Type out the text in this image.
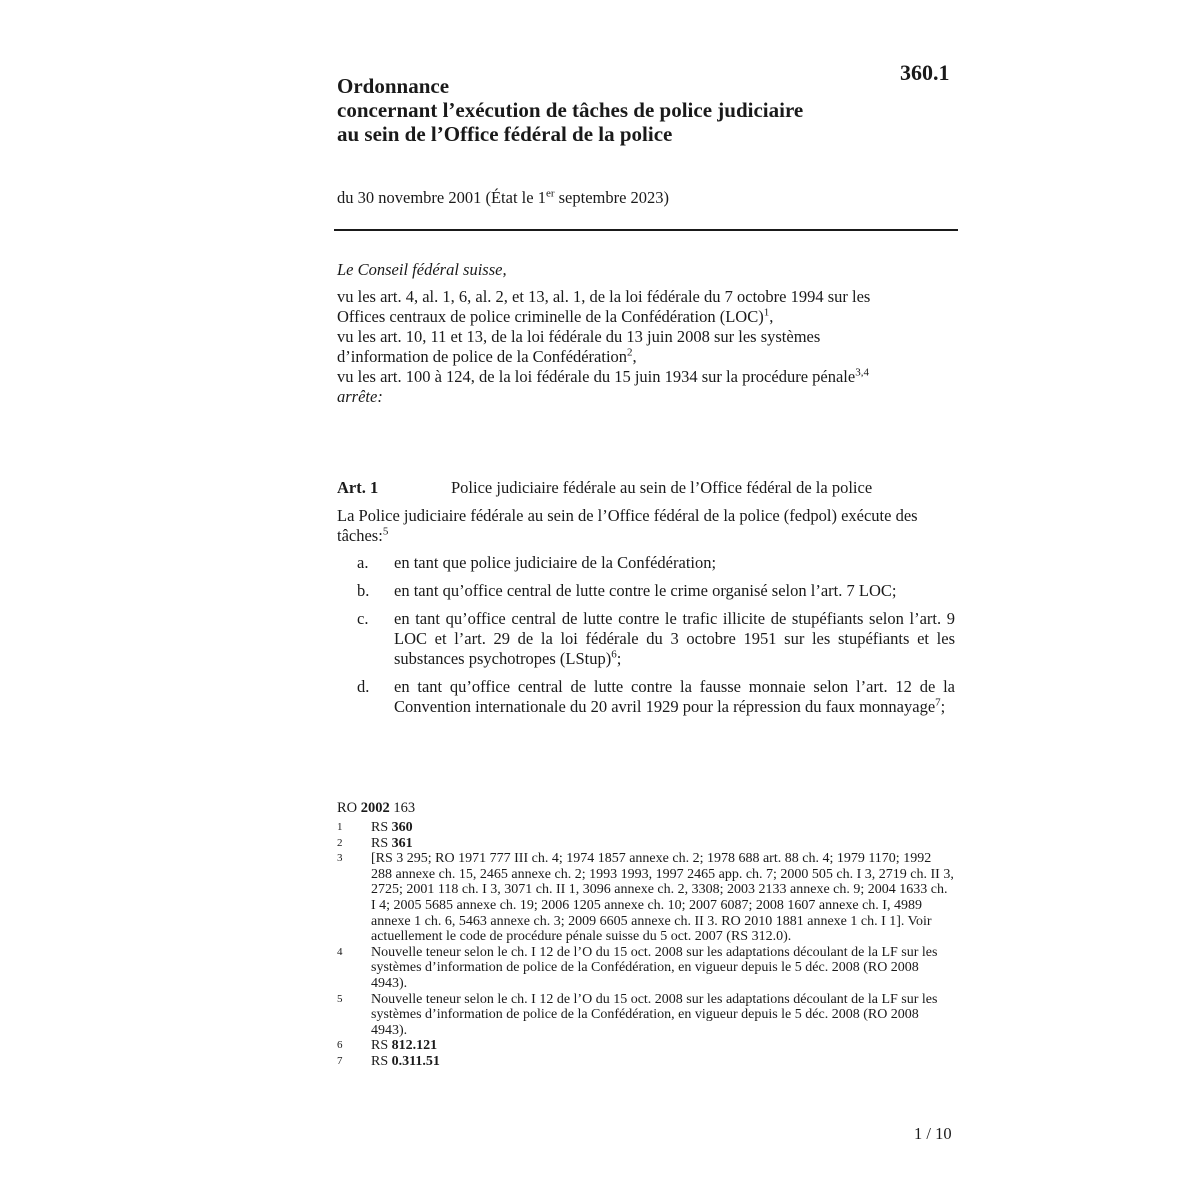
360.1
Ordonnance
concernant l’exécution de tâches de police judiciaire
au sein de l’Office fédéral de la police
du 30 novembre 2001 (État le 1er septembre 2023)

Le Conseil fédéral suisse,

vu les art. 4, al. 1, 6, al. 2, et 13, al. 1, de la loi fédérale du 7 octobre 1994 sur les
Offices centraux de police criminelle de la Confédération (LOC)$^1$,

vu les art. 10, 11 et 13, de la loi fédérale du 13 juin 2008 sur les systèmes
d’information de police de la Confédération$^2$,

vu les art. 100 à 124, de la loi fédérale du 15 juin 1934 sur la procédure pénale$^{3,4}$

arrête:

Art. 1	Police judiciaire fédérale au sein de l’Office fédéral de la police
La Police judiciaire fédérale au sein de l’Office fédéral de la police (fedpol) exécute des tâches:$^5$
a.	en tant que police judiciaire de la Confédération;
b.	en tant qu’office central de lutte contre le crime organisé selon l’art. 7 LOC;
c.	en tant qu’office central de lutte contre le trafic illicite de stupéfiants selon l’art. 9 LOC et l’art. 29 de la loi fédérale du 3 octobre 1951 sur les stupéfiants et les substances psychotropes (LStup)$^6$;
d.	en tant qu’office central de lutte contre la fausse monnaie selon l’art. 12 de la Convention internationale du 20 avril 1929 pour la répression du faux monnayage$^7$;
RO 2002 163
1	RS 360
2	RS 361
3	[RS 3 295; RO 1971 777 III ch. 4; 1974 1857 annexe ch. 2; 1978 688 art. 88 ch. 4; 1979 1170; 1992 288 annexe ch. 15, 2465 annexe ch. 2; 1993 1993, 1997 2465 app. ch. 7; 2000 505 ch. I 3, 2719 ch. II 3, 2725; 2001 118 ch. I 3, 3071 ch. II 1, 3096 annexe ch. 2, 3308; 2003 2133 annexe ch. 9; 2004 1633 ch. I 4; 2005 5685 annexe ch. 19; 2006 1205 annexe ch. 10; 2007 6087; 2008 1607 annexe ch. I, 4989 annexe 1 ch. 6, 5463 annexe ch. 3; 2009 6605 annexe ch. II 3. RO 2010 1881 annexe 1 ch. I 1]. Voir actuellement le code de procédure pénale suisse du 5 oct. 2007 (RS 312.0).
4	Nouvelle teneur selon le ch. I 12 de l’O du 15 oct. 2008 sur les adaptations découlant de la LF sur les systèmes d’information de police de la Confédération, en vigueur depuis le 5 déc. 2008 (RO 2008 4943).
5	Nouvelle teneur selon le ch. I 12 de l’O du 15 oct. 2008 sur les adaptations découlant de la LF sur les systèmes d’information de police de la Confédération, en vigueur depuis le 5 déc. 2008 (RO 2008 4943).
6	RS 812.121
7	RS 0.311.51
1 / 10
